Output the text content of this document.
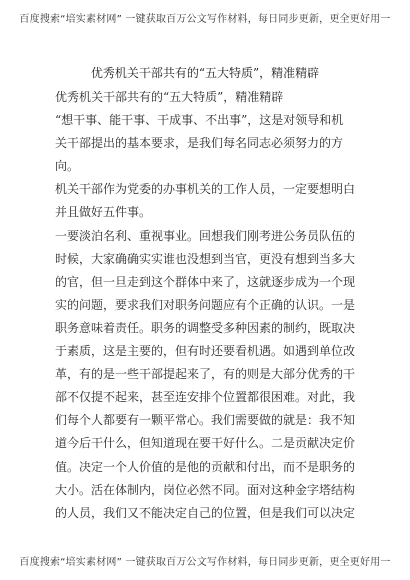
百度搜索“培实素材网” 一键获取百万公文写作材料，每日同步更新，更全更好用一
优秀机关干部共有的“五大特质”，精准精辟

优秀机关干部共有的“五大特质”，精准精辟

“想干事、能干事、干成事、不出事”，这是对领导和机关干部提出的基本要求，是我们每名同志必须努力的方向。

机关干部作为党委的办事机关的工作人员，一定要想明白并且做好五件事。

一要淡泊名利、重视事业。回想我们刚考进公务员队伍的时候，大家确确实实谁也没想到当官，更没有想到当多大的官，但一旦走到这个群体中来了，这就逐步成为一个现实的问题，要求我们对职务问题应有个正确的认识。一是职务意味着责任。职务的调整受多种因素的制约，既取决于素质，这是主要的，但有时还要看机遇。如遇到单位改革，有的是一些干部提起来了，有的则是大部分优秀的干部不仅提不起来，甚至连安排个位置都很困难。对此，我们每个人都要有一颗平常心。我们需要做的就是：我不知道今后干什么，但知道现在要干好什么。二是贡献决定价值。决定一个人价值的是他的贡献和付出，而不是职务的大小。活在体制内，岗位必然不同。面对这种金字塔结构的人员，我们又不能决定自己的位置，但是我们可以决定

百度搜索“培实素材网” 一键获取百万公文写作材料，每日同步更新，更全更好用一
